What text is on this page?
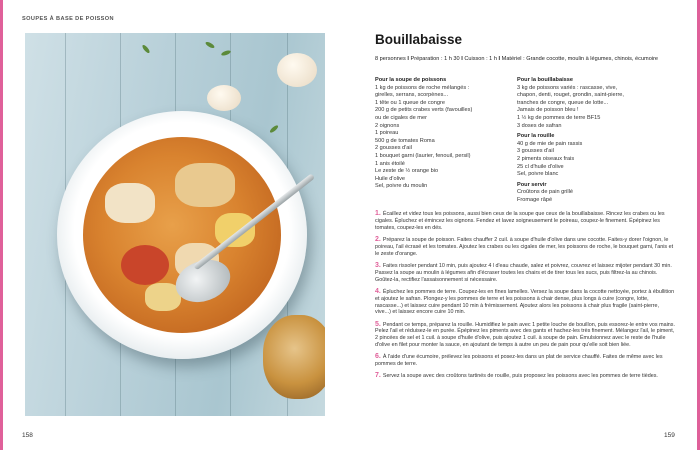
SOUPES À BASE DE POISSON
Bouillabaisse
8 personnes I Préparation : 1 h 30 I Cuisson : 1 h I Matériel : Grande cocotte, moulin à légumes, chinois, écumoire
Pour la soupe de poissons
1 kg de poissons de roche mélangés :
girelles, serrans, scorpènes...
1 tête ou 1 queue de congre
200 g de petits crabes verts (favouilles)
ou de cigales de mer
2 oignons
1 poireau
500 g de tomates Roma
2 gousses d'ail
1 bouquet garni (laurier, fenouil, persil)
1 anis étoilé
Le zeste de ½ orange bio
Huile d'olive
Sel, poivre du moulin
Pour la bouillabaisse
3 kg de poissons variés : rascasse, vive,
chapon, denti, rouget, grondin, saint-pierre,
tranches de congre, queue de lotte...
Jamais de poisson bleu !
1 ½ kg de pommes de terre BF15
3 doses de safran
Pour la rouille
40 g de mie de pain rassis
3 gousses d'ail
2 piments oiseaux frais
25 cl d'huile d'olive
Sel, poivre blanc
Pour servir
Croûtons de pain grillé
Fromage râpé
1. Écaillez et videz tous les poissons, aussi bien ceux de la soupe que ceux de la bouillabaisse. Rincez les crabes ou les cigales. Épluchez et émincez les oignons. Fendez et lavez soigneusement le poireau, coupez-le finement. Épépinez les tomates, coupez-les en dés.
2. Préparez la soupe de poisson. Faites chauffer 2 cuil. à soupe d'huile d'olive dans une cocotte. Faites-y dorer l'oignon, le poireau, l'ail écrasé et les tomates. Ajoutez les crabes ou les cigales de mer, les poissons de roche, le bouquet garni, l'anis et le zeste d'orange.
3. Faites rissoler pendant 10 min, puis ajoutez 4 l d'eau chaude, salez et poivrez, couvrez et laissez mijoter pendant 30 min. Passez la soupe au moulin à légumes afin d'écraser toutes les chairs et de tirer tous les sucs, puis filtrez-la au chinois. Goûtez-la, rectifiez l'assaisonnement si nécessaire.
4. Épluchez les pommes de terre. Coupez-les en fines lamelles. Versez la soupe dans la cocotte nettoyée, portez à ébullition et ajoutez le safran. Plongez-y les pommes de terre et les poissons à chair dense, plus longs à cuire (congre, lotte, rascasse...) et laissez cuire pendant 10 min à frémissement. Ajoutez alors les poissons à chair plus fragile (saint-pierre, vive...) et laissez encore cuire 10 min.
5. Pendant ce temps, préparez la rouille. Humidifiez le pain avec 1 petite louche de bouillon, puis essorez-le entre vos mains. Pelez l'ail et réduisez-le en purée. Épépinez les piments avec des gants et hachez-les très finement. Mélangez l'ail, le piment, 2 pincées de sel et 1 cuil. à soupe d'huile d'olive, puis ajoutez 1 cuil. à soupe de pain. Émulsionnez avec le reste de l'huile d'olive en filet pour monter la sauce, en ajoutant de temps à autre un peu de pain pour qu'elle soit bien liée.
6. À l'aide d'une écumoire, prélevez les poissons et posez-les dans un plat de service chauffé. Faites de même avec les pommes de terre.
7. Servez la soupe avec des croûtons tartinés de rouille, puis proposez les poissons avec les pommes de terre tièdes.
158	159
